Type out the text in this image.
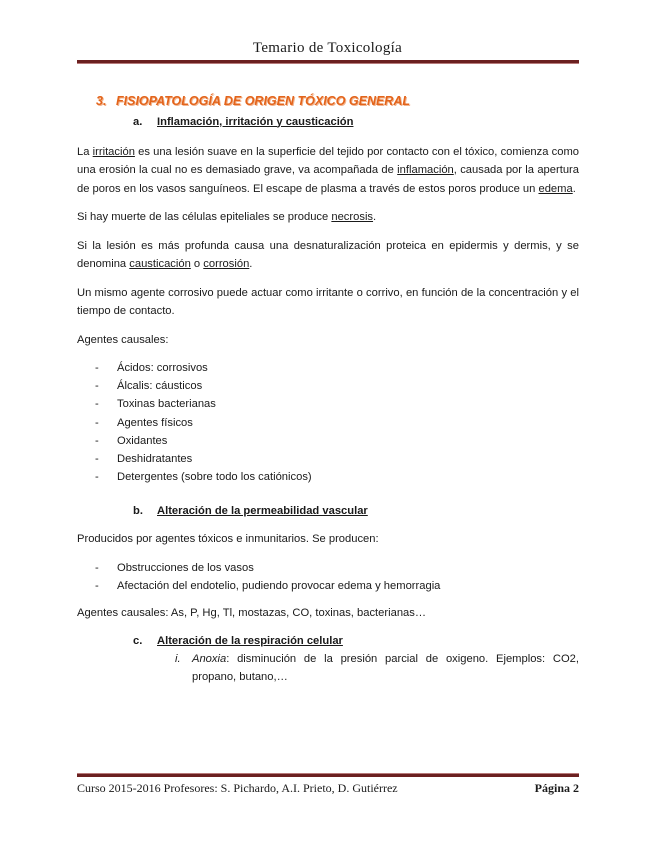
Temario de Toxicología
3. FISIOPATOLOGÍA DE ORIGEN TÓXICO GENERAL
a. Inflamación, irritación y causticación

La irritación es una lesión suave en la superficie del tejido por contacto con el tóxico, comienza como una erosión la cual no es demasiado grave, va acompañada de inflamación, causada por la apertura de poros en los vasos sanguíneos. El escape de plasma a través de estos poros produce un edema.

Si hay muerte de las células epiteliales se produce necrosis.

Si la lesión es más profunda causa una desnaturalización proteica en epidermis y dermis, y se denomina causticación o corrosión.

Un mismo agente corrosivo puede actuar como irritante o corrivo, en función de la concentración y el tiempo de contacto.

Agentes causales:

- Ácidos: corrosivos
- Álcalis: cáusticos
- Toxinas bacterianas
- Agentes físicos
- Oxidantes
- Deshidratantes
- Detergentes (sobre todo los catiónicos)
b. Alteración de la permeabilidad vascular

Producidos por agentes tóxicos e inmunitarios. Se producen:

- Obstrucciones de los vasos
- Afectación del endotelio, pudiendo provocar edema y hemorragia

Agentes causales: As, P, Hg, Tl, mostazas, CO, toxinas, bacterianas…

c. Alteración de la respiración celular

i. Anoxia: disminución de la presión parcial de oxigeno. Ejemplos: CO2, propano, butano,…

Curso 2015-2016 Profesores: S. Pichardo, A.I. Prieto, D. Gutiérrez	Página 2
